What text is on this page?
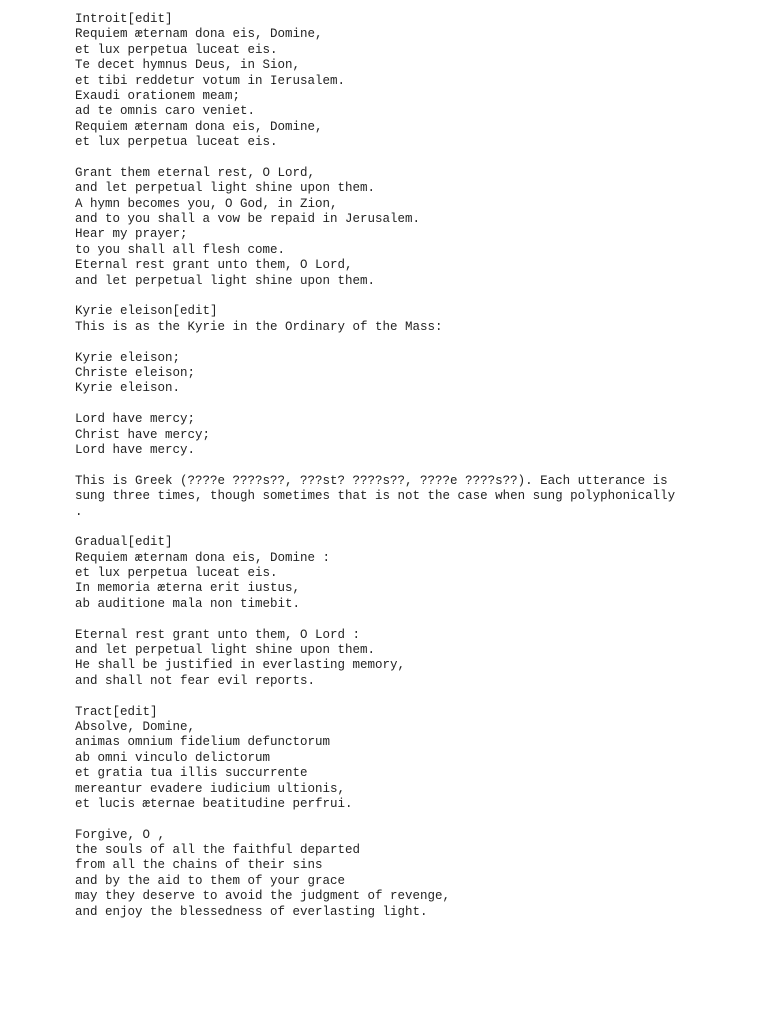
Introit[edit]
Requiem æternam dona eis, Domine,
et lux perpetua luceat eis.
Te decet hymnus Deus, in Sion,
et tibi reddetur votum in Ierusalem.
Exaudi orationem meam;
ad te omnis caro veniet.
Requiem æternam dona eis, Domine,
et lux perpetua luceat eis.
Grant them eternal rest, O Lord,
and let perpetual light shine upon them.
A hymn becomes you, O God, in Zion,
and to you shall a vow be repaid in Jerusalem.
Hear my prayer;
to you shall all flesh come.
Eternal rest grant unto them, O Lord,
and let perpetual light shine upon them.
Kyrie eleison[edit]
This is as the Kyrie in the Ordinary of the Mass:
Kyrie eleison;
Christe eleison;
Kyrie eleison.
Lord have mercy;
Christ have mercy;
Lord have mercy.
This is Greek (????e ????s??, ???st? ????s??, ????e ????s??). Each utterance is
sung three times, though sometimes that is not the case when sung polyphonically
.
Gradual[edit]
Requiem æternam dona eis, Domine :
et lux perpetua luceat eis.
In memoria æterna erit iustus,
ab auditione mala non timebit.
Eternal rest grant unto them, O Lord :
and let perpetual light shine upon them.
He shall be justified in everlasting memory,
and shall not fear evil reports.
Tract[edit]
Absolve, Domine,
animas omnium fidelium defunctorum
ab omni vinculo delictorum
et gratia tua illis succurrente
mereantur evadere iudicium ultionis,
et lucis æternae beatitudine perfrui.
Forgive, O ,
the souls of all the faithful departed
from all the chains of their sins
and by the aid to them of your grace
may they deserve to avoid the judgment of revenge,
and enjoy the blessedness of everlasting light.
